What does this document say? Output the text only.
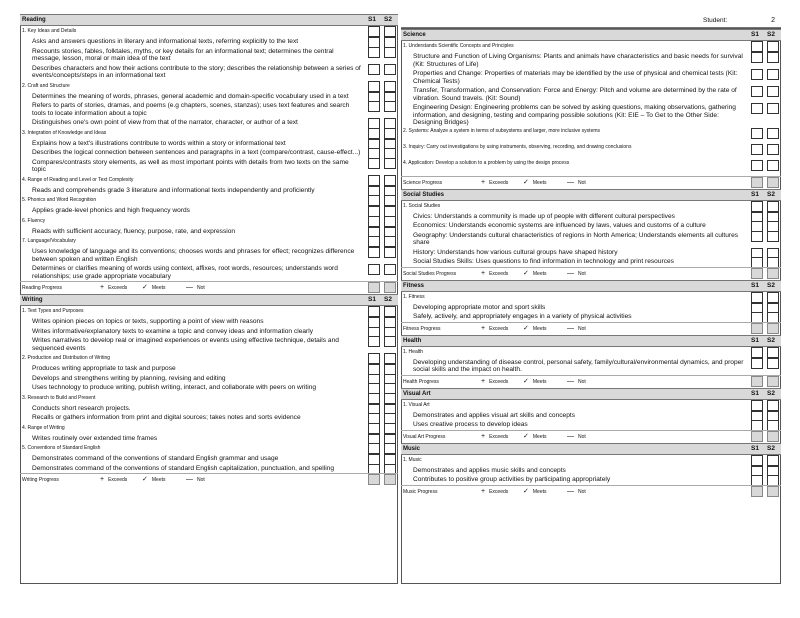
Student:	2
Reading	S1 S2
1. Key Ideas and Details
Asks and answers questions in literary and informational texts, referring explicitly to the text
Recounts stories, fables, folktales, myths, or key details for an informational text; determines the central message, lesson, moral or main idea of the text
Describes characters and how their actions contribute to the story; describes the relationship between a series of events/concepts/steps in an informational text
2. Craft and Structure
Determines the meaning of words, phrases, general academic and domain-specific vocabulary used in a text
Refers to parts of stories, dramas, and poems (e.g chapters, scenes, stanzas); uses text features and search tools to locate information about a topic
Distinguishes one's own point of view from that of the narrator, character, or author of a text
3. Integration of Knowledge and Ideas
Explains how a text's illustrations contribute to words within a story or informational text
Describes the logical connection between sentences and paragraphs in a text (compare/contrast, cause-effect...)
Compares/contrasts story elements, as well as most important points with details from two texts on the same topic
4. Range of Reading and Level or Text Complexity
Reads and comprehends grade 3 literature and informational texts independently and proficiently
5. Phonics and Word Recognition
Applies grade-level phonics and high frequency words
6. Fluency
Reads with sufficient accuracy, fluency, purpose, rate, and expression
7. Language/Vocabulary
Uses knowledge of language and its conventions; chooses words and phrases for effect; recognizes difference between spoken and written English
Determines or clarifies meaning of words using context, affixes, root words, resources; understands word relationships; use grade appropriate vocabulary
Reading Progress	+ Exceeds ✓ Meets	— Not
Writing	S1 S2
1. Text Types and Purposes
Writes opinion pieces on topics or texts, supporting a point of view with reasons
Writes informative/explanatory texts to examine a topic and convey ideas and information clearly
Writes narratives to develop real or imagined experiences or events using effective technique, details and sequenced events
2. Production and Distribution of Writing
Produces writing appropriate to task and purpose
Develops and strengthens writing by planning, revising and editing
Uses technology to produce writing, publish writing, interact, and collaborate with peers on writing
3. Research to Build and Present
Conducts short research projects.
Recalls or gathers information from print and digital sources; takes notes and sorts evidence
4. Range of Writing
Writes routinely over extended time frames
5. Conventions of Standard English
Demonstrates command of the conventions of standard English grammar and usage
Demonstrates command of the conventions of standard English capitalization, punctuation, and spelling
Writing Progress	+ Exceeds ✓ Meets	— Not
Science	S1 S2
1. Understands Scientific Concepts and Principles
Structure and Function of Living Organisms: Plants and animals have characteristics and basic needs for survival (Kit: Structures of Life)
Properties and Change: Properties of materials may be identified by the use of physical and chemical tests (Kit: Chemical Tests)
Transfer, Transformation, and Conservation: Force and Energy: Pitch and volume are determined by the rate of vibration. Sound travels. (Kit: Sound)
Engineering Design: Engineering problems can be solved by asking questions, making observations, gathering information, and designing, testing and comparing possible solutions (Kit: EIE – To Get to the Other Side: Designing Bridges)
2. Systems: Analyze a system in terms of subsystems and larger, more inclusive systems
3. Inquiry: Carry out investigations by using instruments, observing, recording, and drawing conclusions
4. Application: Develop a solution to a problem by using the design process
Science Progress	+ Exceeds ✓ Meets	— Not
Social Studies	S1 S2
1. Social Studies
Civics: Understands a community is made up of people with different cultural perspectives
Economics: Understands economic systems are influenced by laws, values and customs of a culture
Geography: Understands cultural characteristics of regions in North America; Understands elements all cultures share
History: Understands how various cultural groups have shaped history
Social Studies Skills: Uses questions to find information in technology and print resources
Social Studies Progress	+ Exceeds ✓ Meets	— Not
Fitness	S1 S2
1. Fitness
Developing appropriate motor and sport skills
Safely, actively, and appropriately engages in a variety of physical activities
Fitness Progress	+ Exceeds ✓ Meets	— Not
Health	S1 S2
1. Health
Developing understanding of disease control, personal safety, family/cultural/environmental dynamics, and proper social skills and the impact on health.
Health Progress	+ Exceeds ✓ Meets	— Not
Visual Art	S1 S2
1. Visual Art
Demonstrates and applies visual art skills and concepts
Uses creative process to develop ideas
Visual Art Progress	+ Exceeds ✓ Meets	— Not
Music	S1 S2
1. Music
Demonstrates and applies music skills and concepts
Contributes to positive group activities by participating appropriately
Music Progress	+ Exceeds ✓ Meets	— Not
